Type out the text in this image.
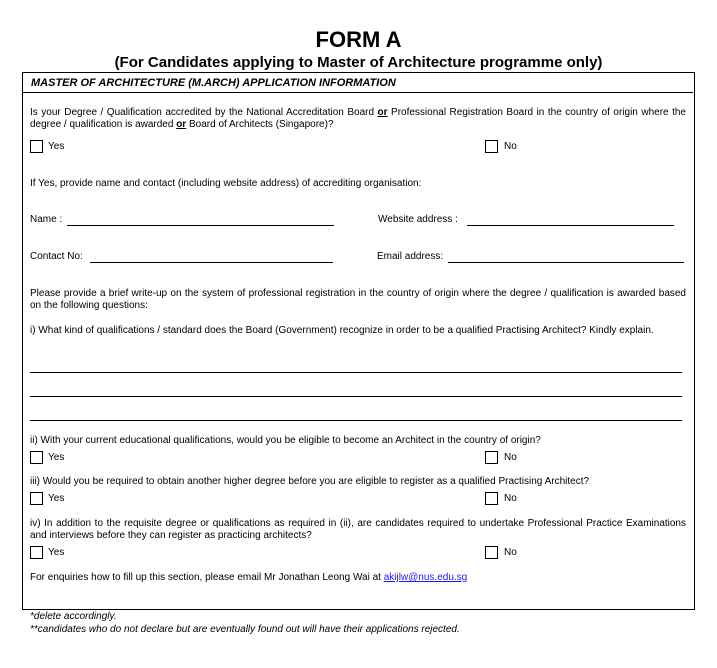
FORM A
(For Candidates applying to Master of Architecture programme only)
MASTER OF ARCHITECTURE (M.ARCH) APPLICATION INFORMATION
Is your Degree / Qualification accredited by the National Accreditation Board or Professional Registration Board in the country of origin where the degree / qualification is awarded or Board of Architects (Singapore)?
Yes	No
If Yes, provide name and contact (including website address) of accrediting organisation:
Name :	Website address :
Contact No:	Email address:
Please provide a brief write-up on the system of professional registration in the country of origin where the degree / qualification is awarded based on the following questions:
i) What kind of qualifications / standard does the Board (Government) recognize in order to be a qualified Practising Architect? Kindly explain.
ii) With your current educational qualifications, would you be eligible to become an Architect in the country of origin?
Yes	No
iii) Would you be required to obtain another higher degree before you are eligible to register as a qualified Practising Architect?
Yes	No
iv) In addition to the requisite degree or qualifications as required in (ii), are candidates required to undertake Professional Practice Examinations and interviews before they can register as practicing architects?
Yes	No
For enquiries how to fill up this section, please email Mr Jonathan Leong Wai at akijlw@nus.edu.sg
*delete accordingly.
**candidates who do not declare but are eventually found out will have their applications rejected.
